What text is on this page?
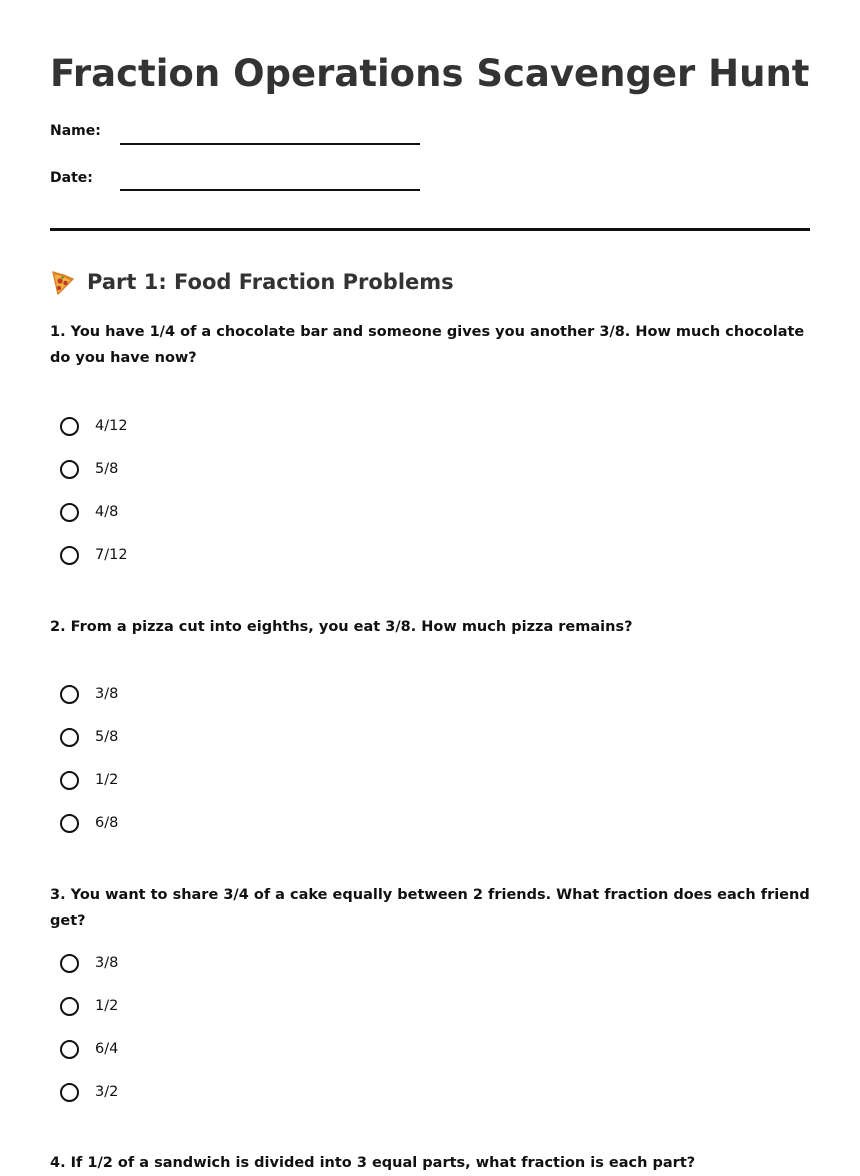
Fraction Operations Scavenger Hunt
Name:
Date:
Part 1: Food Fraction Problems

1. You have 1/4 of a chocolate bar and someone gives you another 3/8. How much chocolate do you have now?

4/12
5/8
4/8
7/12

2. From a pizza cut into eighths, you eat 3/8. How much pizza remains?

3/8
5/8
1/2
6/8

3. You want to share 3/4 of a cake equally between 2 friends. What fraction does each friend get?

3/8
1/2
6/4
3/2

4. If 1/2 of a sandwich is divided into 3 equal parts, what fraction is each part?
